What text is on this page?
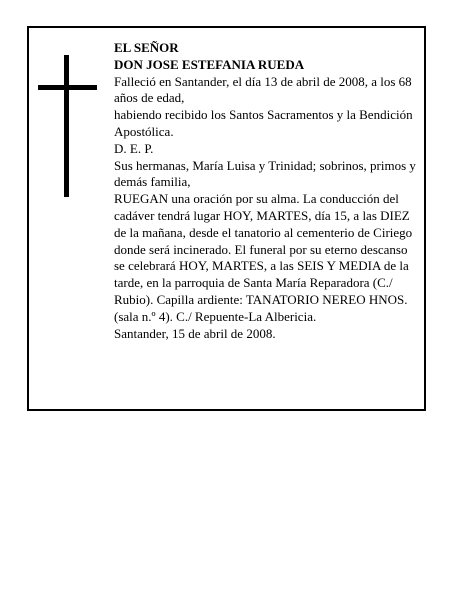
EL SEÑOR

DON JOSE ESTEFANIA RUEDA

Falleció en Santander, el día 13 de abril de 2008, a los 68 años de edad,

habiendo recibido los Santos Sacramentos y la Bendición Apostólica.

D. E. P.

Sus hermanas, María Luisa y Trinidad; sobrinos, primos y demás familia,

RUEGAN una oración por su alma. La conducción del cadáver tendrá lugar HOY, MARTES, día 15, a las DIEZ de la mañana, desde el tanatorio al cementerio de Ciriego donde será incinerado. El funeral por su eterno descanso se celebrará HOY, MARTES, a las SEIS Y MEDIA de la tarde, en la parroquia de Santa María Reparadora (C./ Rubio). Capilla ardiente: TANATORIO NEREO HNOS. (sala n.º 4). C./ Repuente-La Albericia.

Santander, 15 de abril de 2008.
